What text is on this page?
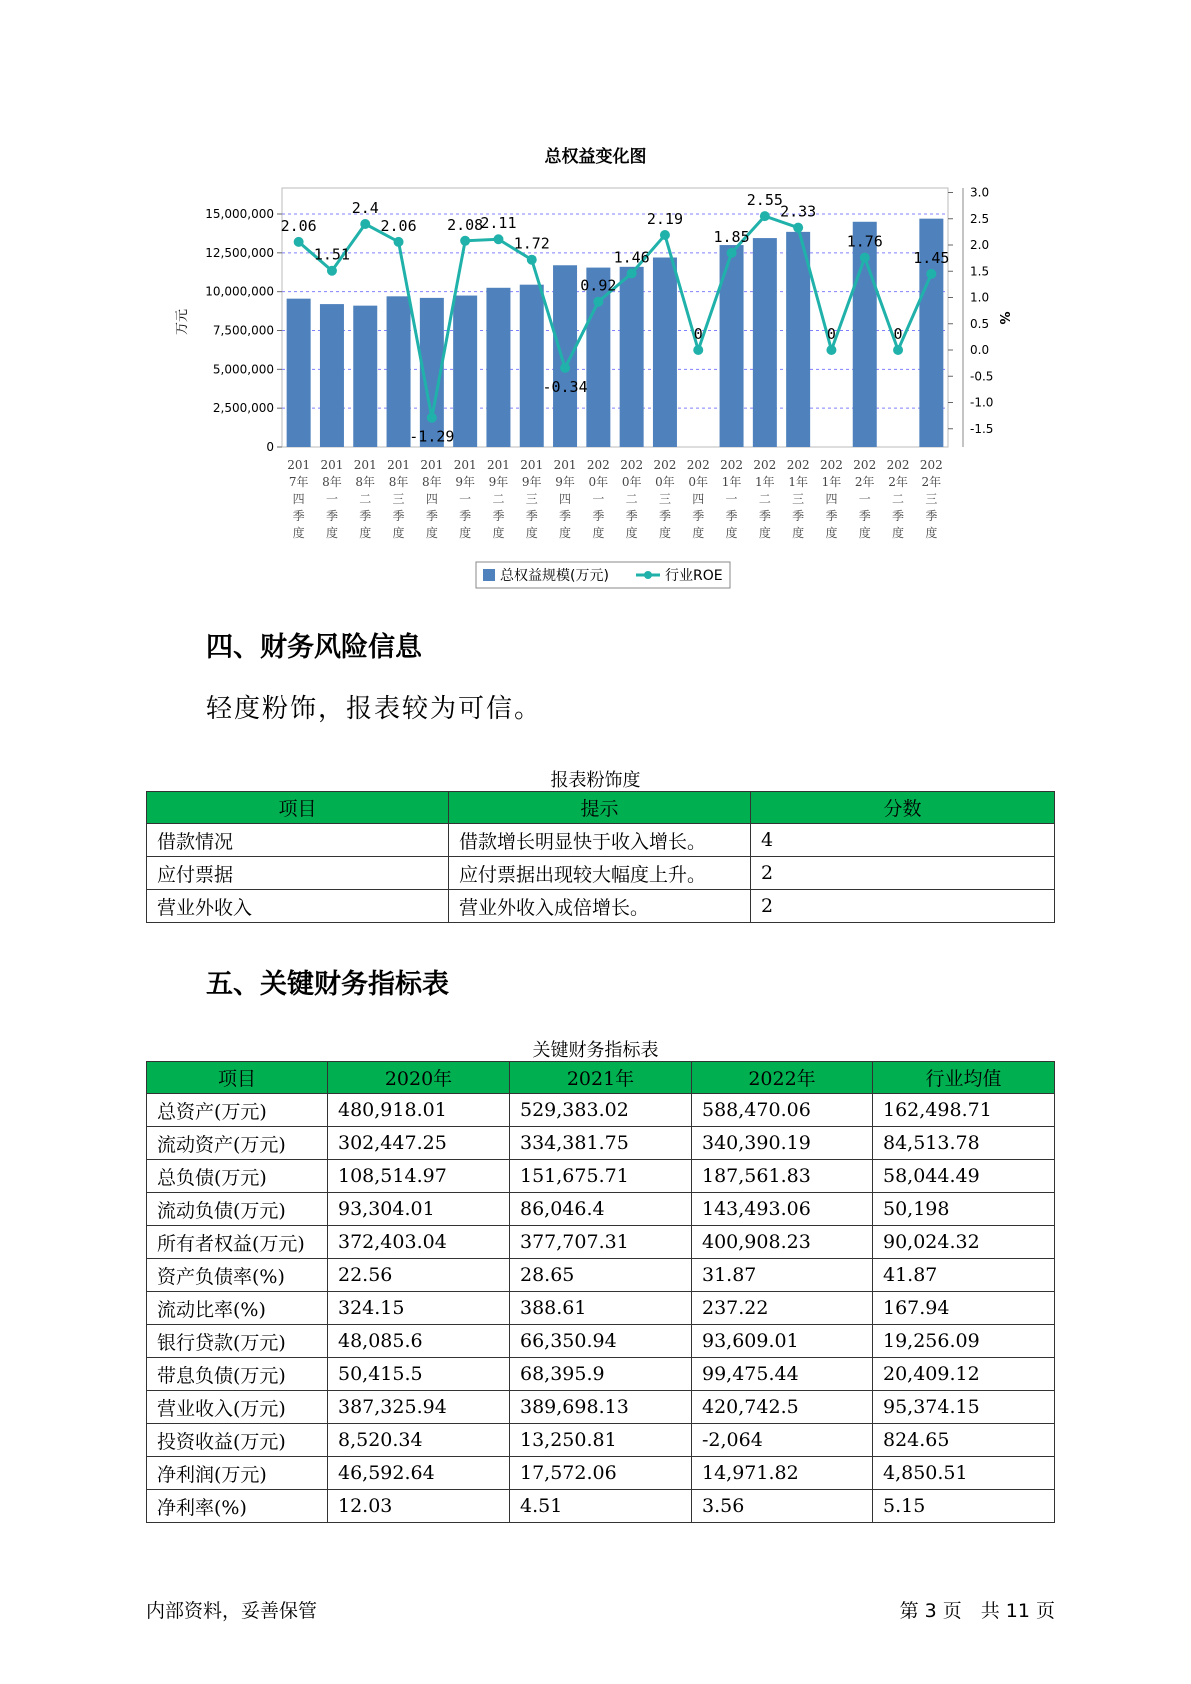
总权益变化图
0
2,500,000
5,000,000
7,500,000
10,000,000
12,500,000
15,000,000
-1.5
-1.0
-0.5
0.0
0.5
1.0
1.5
2.0
2.5
3.0
万元	%
2.06
1.51
2.4
2.06
-1.29
2.08
2.11
1.72
-0.34
0.92
1.46
2.19
0
1.85
2.55
2.33
0
1.76
0
1.45
201 7年四季度
201 8年一季度
201 8年二季度
201 8年三季度
201 8年四季度
201 9年一季度
201 9年二季度
201 9年三季度
201 9年四季度
202 0年一季度
202 0年二季度
202 0年三季度
202 0年四季度
202 1年一季度
202 1年二季度
202 1年三季度
202 1年四季度
202 2年一季度
202 2年二季度
202 2年三季度
总权益规模(万元)	行业ROE
四、财务风险信息

轻度粉饰，报表较为可信。

报表粉饰度
项目	提示	分数
借款情况	借款增长明显快于收入增长。	4
应付票据	应付票据出现较大幅度上升。	2
营业外收入	营业外收入成倍增长。	2
五、关键财务指标表
关键财务指标表
项目	2020年	2021年	2022年	行业均值
总资产(万元)	480,918.01	529,383.02	588,470.06	162,498.71
流动资产(万元)	302,447.25	334,381.75	340,390.19	84,513.78
总负债(万元)	108,514.97	151,675.71	187,561.83	58,044.49
流动负债(万元)	93,304.01	86,046.4	143,493.06	50,198
所有者权益(万元)	372,403.04	377,707.31	400,908.23	90,024.32
资产负债率(%)	22.56	28.65	31.87	41.87
流动比率(%)	324.15	388.61	237.22	167.94
银行贷款(万元)	48,085.6	66,350.94	93,609.01	19,256.09
带息负债(万元)	50,415.5	68,395.9	99,475.44	20,409.12
营业收入(万元)	387,325.94	389,698.13	420,742.5	95,374.15
投资收益(万元)	8,520.34	13,250.81	-2,064	824.65
净利润(万元)	46,592.64	17,572.06	14,971.82	4,850.51
净利率(%)	12.03	4.51	3.56	5.15
内部资料，妥善保管	第 3 页　共 11 页
